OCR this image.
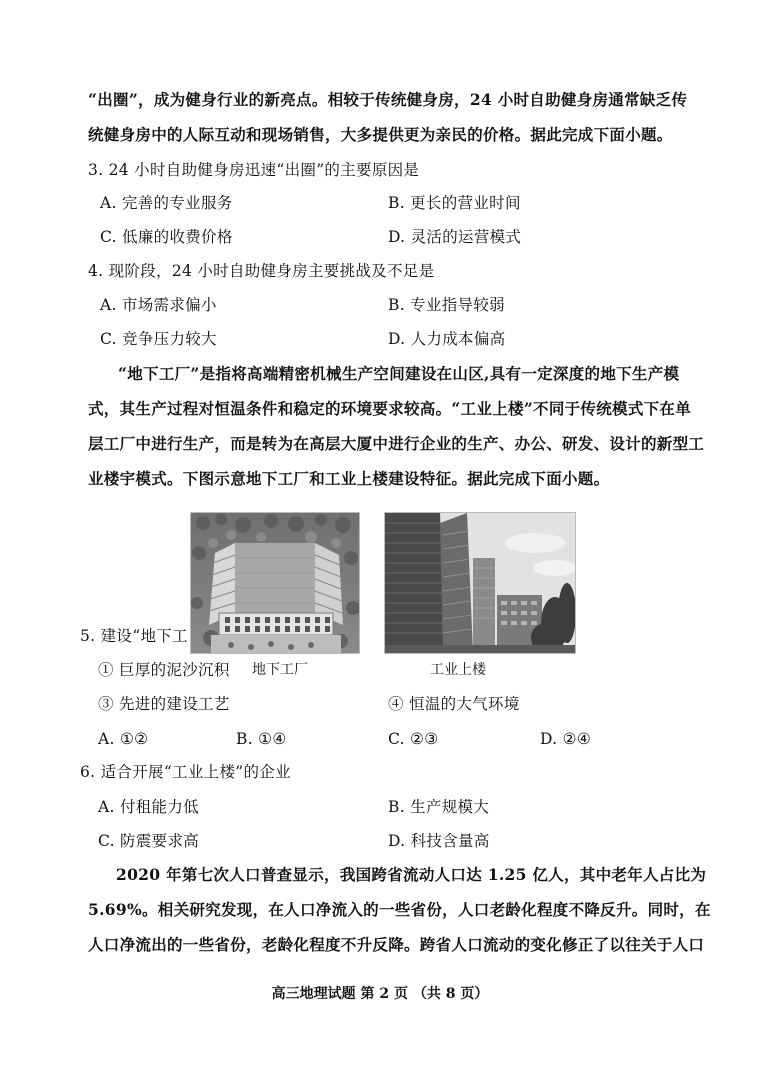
“出圈”，成为健身行业的新亮点。相较于传统健身房，24 小时自助健身房通常缺乏传
统健身房中的人际互动和现场销售，大多提供更为亲民的价格。据此完成下面小题。
3. 24 小时自助健身房迅速“出圈”的主要原因是
A. 完善的专业服务	B. 更长的营业时间
C. 低廉的收费价格	D. 灵活的运营模式
4. 现阶段，24 小时自助健身房主要挑战及不足是
A. 市场需求偏小	B. 专业指导较弱
C. 竞争压力较大	D. 人力成本偏高
“地下工厂”是指将高端精密机械生产空间建设在山区,具有一定深度的地下生产模
式，其生产过程对恒温条件和稳定的环境要求较高。“工业上楼”不同于传统模式下在单
层工厂中进行生产，而是转为在高层大厦中进行企业的生产、办公、研发、设计的新型工
业楼宇模式。下图示意地下工厂和工业上楼建设特征。据此完成下面小题。
5. 建设“地下工
地下工厂	工业上楼
① 巨厚的泥沙沉积
③ 先进的建设工艺	④ 恒温的大气环境
A. ①②	B. ①④	C. ②③	D. ②④
6. 适合开展“工业上楼”的企业
A. 付租能力低	B. 生产规模大
C. 防震要求高	D. 科技含量高
2020 年第七次人口普查显示，我国跨省流动人口达 1.25 亿人，其中老年人占比为
5.69%。相关研究发现，在人口净流入的一些省份，人口老龄化程度不降反升。同时，在
人口净流出的一些省份，老龄化程度不升反降。跨省人口流动的变化修正了以往关于人口
高三地理试题 第 2 页 （共 8 页）
